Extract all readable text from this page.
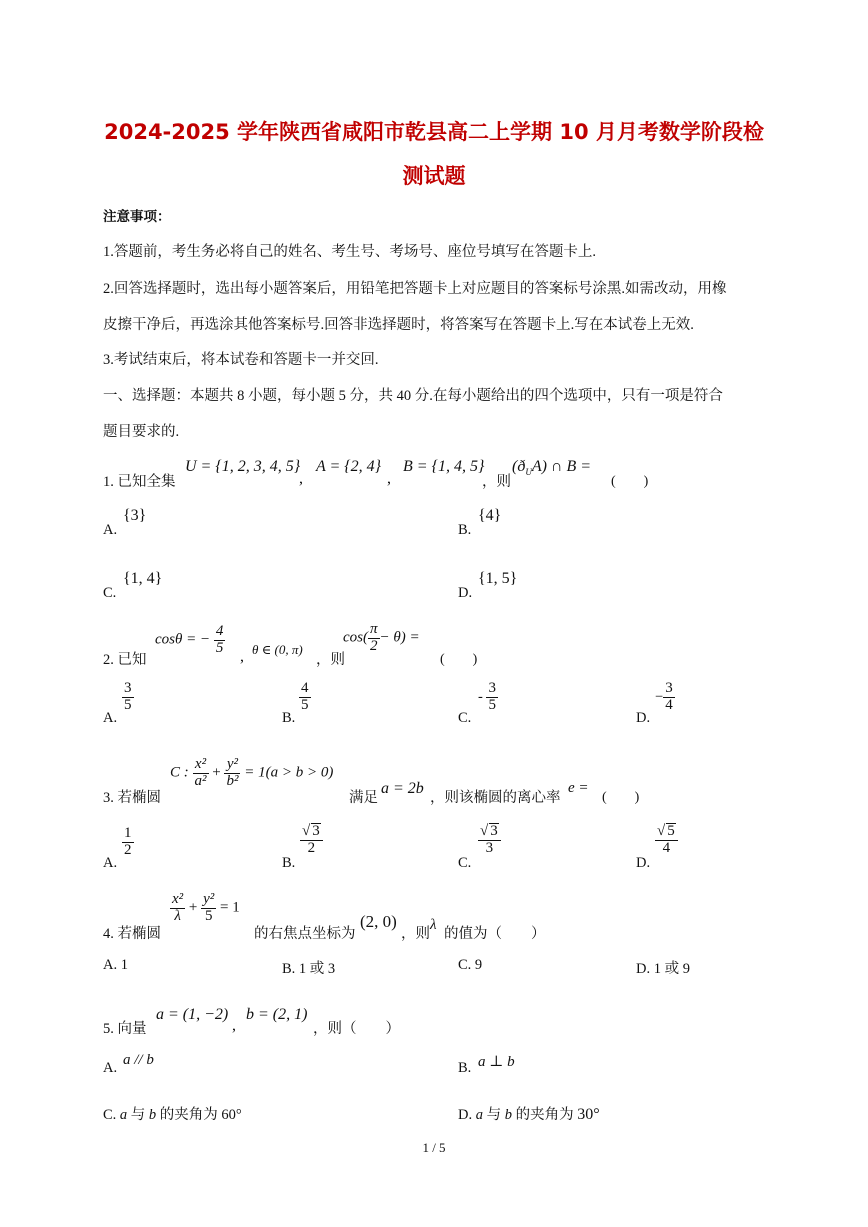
2024-2025 学年陕西省咸阳市乾县高二上学期 10 月月考数学阶段检
测试题
注意事项：
1.答题前，考生务必将自己的姓名、考生号、考场号、座位号填写在答题卡上.
2.回答选择题时，选出每小题答案后，用铅笔把答题卡上对应题目的答案标号涂黑.如需改动，用橡
皮擦干净后，再选涂其他答案标号.回答非选择题时，将答案写在答题卡上.写在本试卷上无效.
3.考试结束后，将本试卷和答题卡一并交回.
一、选择题：本题共 8 小题，每小题 5 分，共 40 分.在每小题给出的四个选项中，只有一项是符合
题目要求的.
1. 已知全集
U = {1, 2, 3, 4, 5}
,
A = {2, 4}
,
B = {1, 4, 5}
，则
$(ð_UA)$ ∩ B =
(　　)
A.
{3}
B.
{4}
C.
{1, 4}
D.
{1, 5}
2. 已知
cosθ = − $\frac{4}{5}$ , θ ∈ (0, π)
，则
$\cos( \frac{\pi}{2} - \theta)$ =
(　　)
A.
$\frac{3}{5}$
B.
$\frac{4}{5}$
C.
- $\frac{3}{5}$
D.
− $\frac{3}{4}$
3. 若椭圆
C : $\frac{\text{x²}}{\text{a²}} + \frac{\text{y²}}{\text{b²}} = 1(a > b > 0)$
满足
a = 2b
，则该椭圆的离心率
e =
(　　)
A.
$\frac{1}{2}$
B.
$\frac{√ 3}{2}$
C.
$\frac{√ 3}{3}$
D.
$\frac{√ 5}{4}$
4. 若椭圆
$\frac{\text{x²}}{\lambda} + \frac{\text{y²}}{5} = 1$
的右焦点坐标为
(2, 0)
，则
λ
的值为（　　）
A. 1	B. 1 或 3	C. 9	D. 1 或 9
5. 向量
a = (1, −2)
,
b = (2, 1)
，则（　　）
A. a // b	B. a ⊥ b
C. a 与 b 的夹角为 60°	D. a 与 b 的夹角为 30°
1 / 5
